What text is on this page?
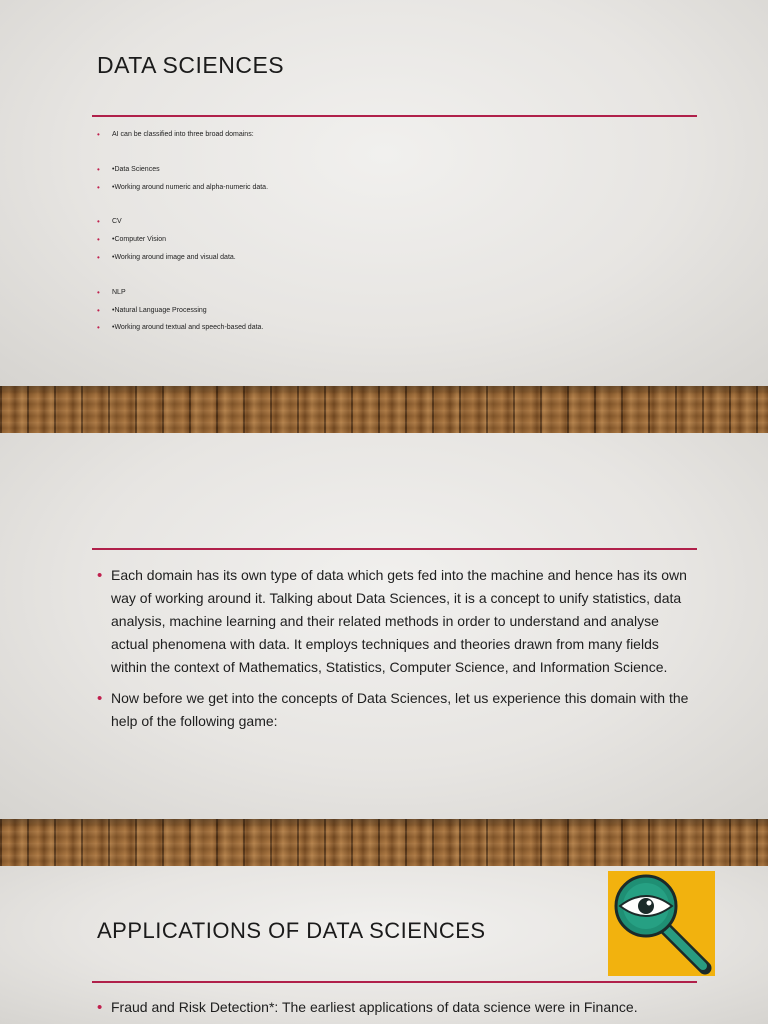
DATA SCIENCES
• AI can be classified into three broad domains:
• •Data Sciences
• •Working around numeric and alpha-numeric data.
• CV
• •Computer Vision
• •Working around image and visual data.
• NLP
• •Natural Language Processing
• •Working around textual and speech-based data.
• Each domain has its own type of data which gets fed into the machine and hence has its own way of working around it. Talking about Data Sciences, it is a concept to unify statistics, data analysis, machine learning and their related methods in order to understand and analyse actual phenomena with data. It employs techniques and theories drawn from many fields within the context of Mathematics, Statistics, Computer Science, and Information Science.
• Now before we get into the concepts of Data Sciences, let us experience this domain with the help of the following game:
APPLICATIONS OF DATA SCIENCES
• Fraud and Risk Detection*: The earliest applications of data science were in Finance.
